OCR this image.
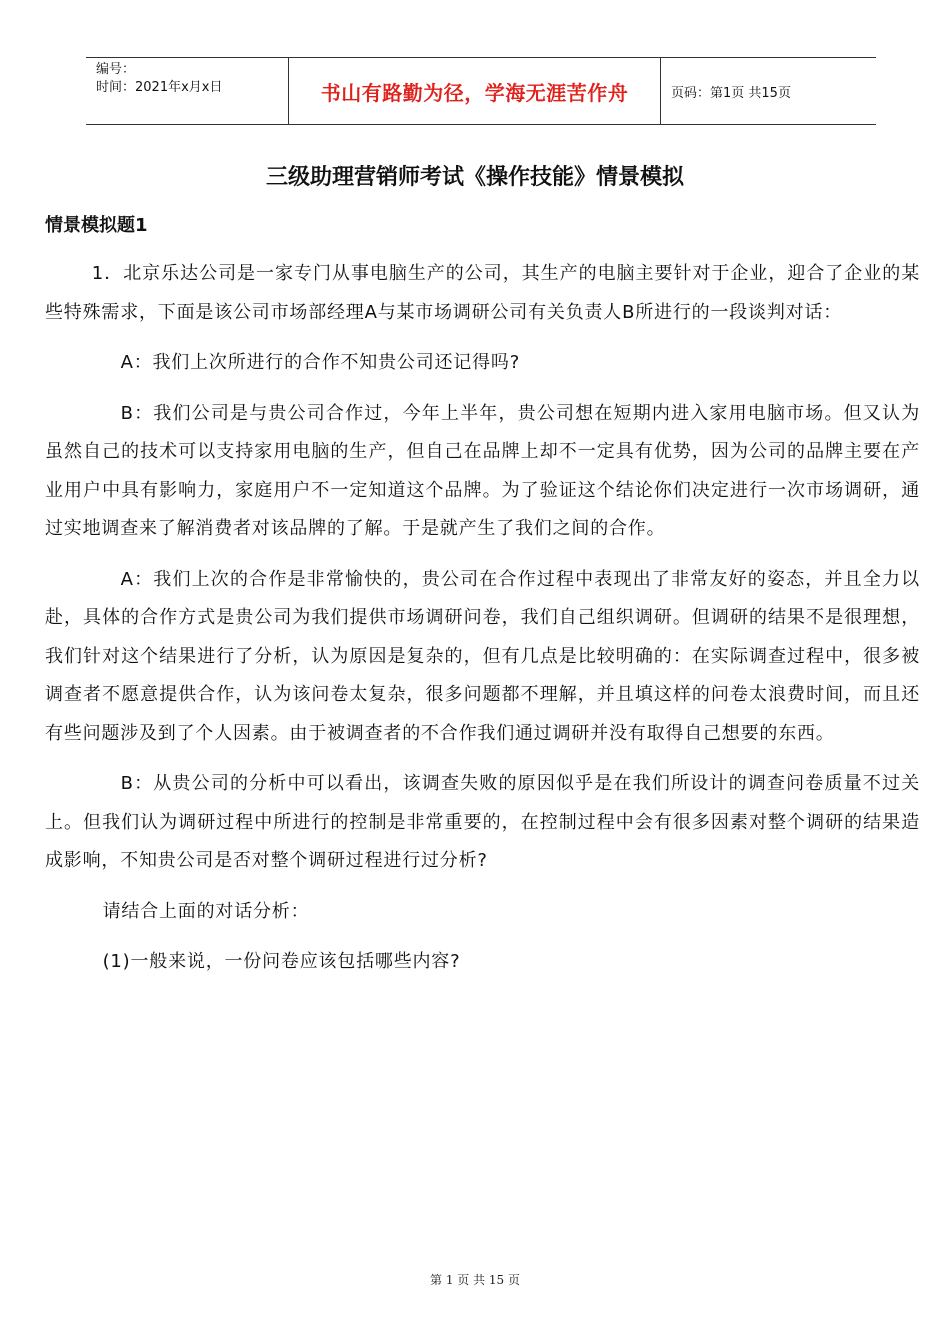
编号：
时间：2021年x月x日	书山有路勤为径，学海无涯苦作舟	页码：第1页 共15页
三级助理营销师考试《操作技能》情景模拟
情景模拟题1

1．北京乐达公司是一家专门从事电脑生产的公司，其生产的电脑主要针对于企业，迎合了企业的某些特殊需求，下面是该公司市场部经理A与某市场调研公司有关负责人B所进行的一段谈判对话：

A：我们上次所进行的合作不知贵公司还记得吗?

B：我们公司是与贵公司合作过，今年上半年，贵公司想在短期内进入家用电脑市场。但又认为虽然自己的技术可以支持家用电脑的生产，但自己在品牌上却不一定具有优势，因为公司的品牌主要在产业用户中具有影响力，家庭用户不一定知道这个品牌。为了验证这个结论你们决定进行一次市场调研，通过实地调查来了解消费者对该品牌的了解。于是就产生了我们之间的合作。

A：我们上次的合作是非常愉快的，贵公司在合作过程中表现出了非常友好的姿态，并且全力以赴，具体的合作方式是贵公司为我们提供市场调研问卷，我们自己组织调研。但调研的结果不是很理想，我们针对这个结果进行了分析，认为原因是复杂的，但有几点是比较明确的：在实际调查过程中，很多被调查者不愿意提供合作，认为该问卷太复杂，很多问题都不理解，并且填这样的问卷太浪费时间，而且还有些问题涉及到了个人因素。由于被调查者的不合作我们通过调研并没有取得自己想要的东西。

B：从贵公司的分析中可以看出，该调查失败的原因似乎是在我们所设计的调查问卷质量不过关上。但我们认为调研过程中所进行的控制是非常重要的，在控制过程中会有很多因素对整个调研的结果造成影响，不知贵公司是否对整个调研过程进行过分析?

请结合上面的对话分析：

(1)一般来说，一份问卷应该包括哪些内容?

第 1 页 共 15 页
